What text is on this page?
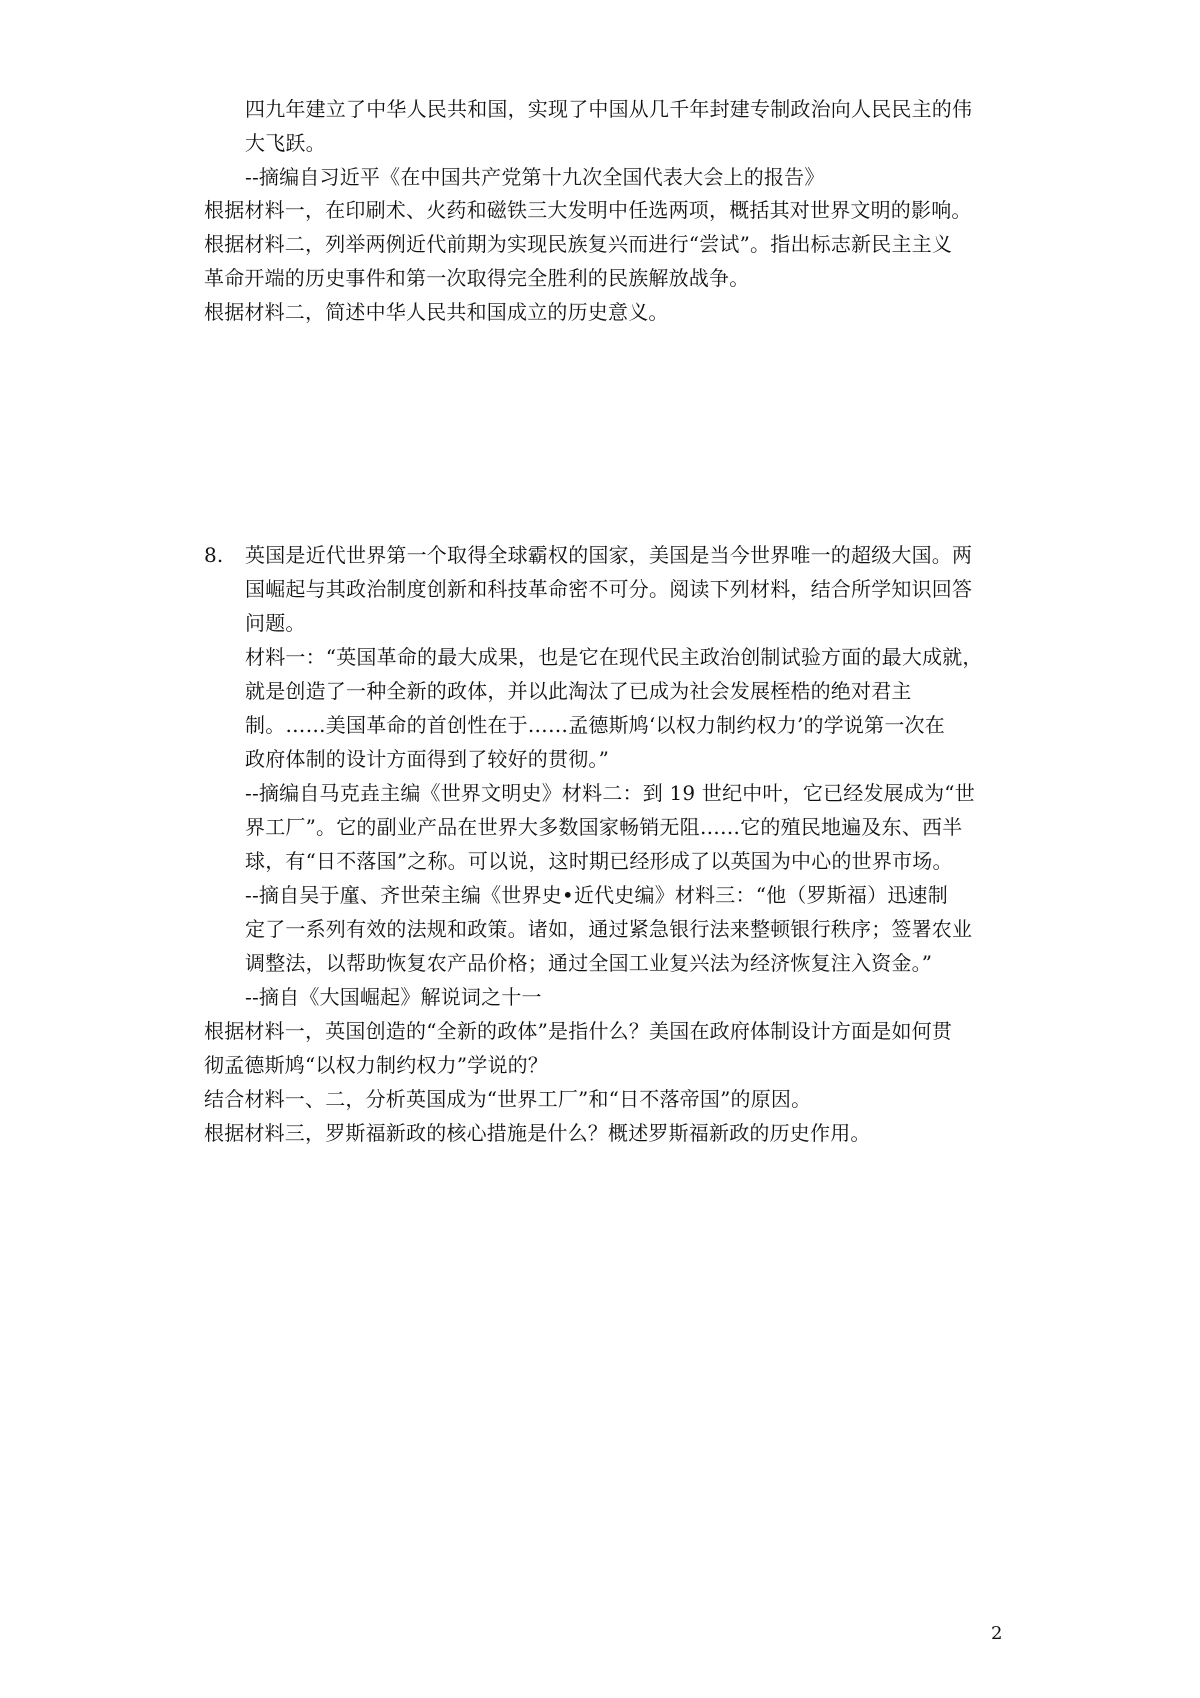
四九年建立了中华人民共和国，实现了中国从几千年封建专制政治向人民民主的伟
大飞跃。
--摘编自习近平《在中国共产党第十九次全国代表大会上的报告》
根据材料一，在印刷术、火药和磁铁三大发明中任选两项，概括其对世界文明的影响。
根据材料二，列举两例近代前期为实现民族复兴而进行“尝试”。指出标志新民主主义
革命开端的历史事件和第一次取得完全胜利的民族解放战争。
根据材料二，简述中华人民共和国成立的历史意义。
8. 英国是近代世界第一个取得全球霸权的国家，美国是当今世界唯一的超级大国。两
国崛起与其政治制度创新和科技革命密不可分。阅读下列材料，结合所学知识回答
问题。
材料一：“英国革命的最大成果，也是它在现代民主政治创制试验方面的最大成就，
就是创造了一种全新的政体，并以此淘汰了已成为社会发展桎梏的绝对君主
制。……美国革命的首创性在于……孟德斯鸠‘以权力制约权力’的学说第一次在
政府体制的设计方面得到了较好的贯彻。”
--摘编自马克垚主编《世界文明史》材料二：到 19 世纪中叶，它已经发展成为“世
界工厂”。它的副业产品在世界大多数国家畅销无阻……它的殖民地遍及东、西半
球，有“日不落国”之称。可以说，这时期已经形成了以英国为中心的世界市场。
--摘自吴于廑、齐世荣主编《世界史•近代史编》材料三：“他（罗斯福）迅速制
定了一系列有效的法规和政策。诸如，通过紧急银行法来整顿银行秩序；签署农业
调整法，以帮助恢复农产品价格；通过全国工业复兴法为经济恢复注入资金。”
--摘自《大国崛起》解说词之十一
根据材料一，英国创造的“全新的政体”是指什么？美国在政府体制设计方面是如何贯
彻孟德斯鸠“以权力制约权力”学说的？
结合材料一、二，分析英国成为“世界工厂”和“日不落帝国”的原因。
根据材料三，罗斯福新政的核心措施是什么？概述罗斯福新政的历史作用。
2
